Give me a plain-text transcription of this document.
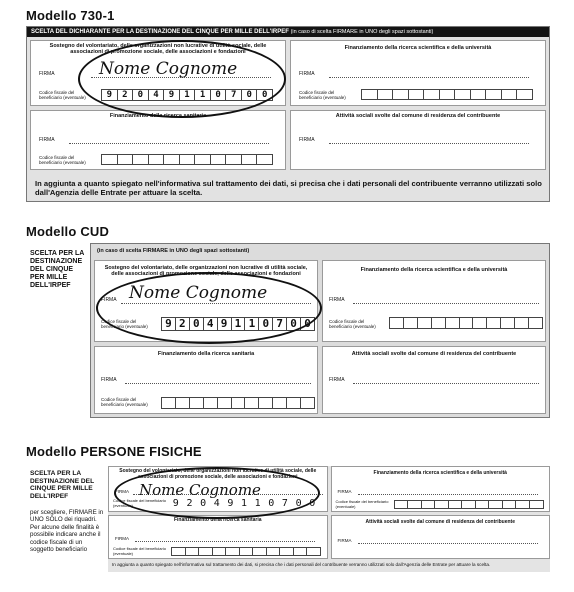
Modello 730-1
SCELTA DEL DICHIARANTE PER LA DESTINAZIONE DEL CINQUE PER MILLE DELL'IRPEF (in caso di scelta FIRMARE in UNO degli spazi sottostanti)
Sostegno del volontariato, delle organizzazioni non lucrative di utilità sociale, delle associazioni di promozione sociale, delle associazioni e fondazioni
FIRMA
Codice fiscale del beneficiario (eventuale)	9	2	0	4	9	1	1	0	7	0	0
Nome Cognome
Finanziamento della ricerca scientifica e della università
FIRMA
Codice fiscale del beneficiario (eventuale)
Finanziamento della ricerca sanitaria
FIRMA
Codice fiscale del beneficiario (eventuale)
Attività sociali svolte dal comune di residenza del contribuente
FIRMA
In aggiunta a quanto spiegato nell'informativa sul trattamento dei dati, si precisa che i dati personali del contribuente verranno utilizzati solo dall'Agenzia delle Entrate per attuare la scelta.
Modello CUD
SCELTA PER LA DESTINAZIONE DEL CINQUE PER MILLE DELL'IRPEF
(in caso di scelta FIRMARE in UNO degli spazi sottostanti)
Sostegno del volontariato, delle organizzazioni non lucrative di utilità sociale, delle associazioni di promozione sociale, delle associazioni e fondazioni
FIRMA
Codice fiscale del beneficiario (eventuale)	9 2 0 4 9 1 1 0 7 0 0
Nome Cognome
Finanziamento della ricerca scientifica e della università
FIRMA
Codice fiscale del beneficiario (eventuale)
Finanziamento della ricerca sanitaria
FIRMA
Codice fiscale del beneficiario (eventuale)
Attività sociali svolte dal comune di residenza del contribuente
FIRMA
Modello PERSONE FISICHE
SCELTA PER LA DESTINAZIONE DEL CINQUE PER MILLE DELL'IRPEF
per scegliere, FIRMARE in UNO SOLO dei riquadri. Per alcune delle finalità è possibile indicare anche il codice fiscale di un soggetto beneficiario
Sostegno del volontariato, delle organizzazioni non lucrative di utilità sociale, delle associazioni di promozione sociale, delle associazioni e fondazioni
FIRMA
Codice fiscale del beneficiario (eventuale)	9 2 0 4 9 1 1 0 7 0 0
Nome Cognome
Finanziamento della ricerca scientifica e della università
FIRMA
Codice fiscale del beneficiario (eventuale)
Finanziamento della ricerca sanitaria
FIRMA
Codice fiscale del beneficiario (eventuale)
Attività sociali svolte dal comune di residenza del contribuente
FIRMA
In aggiunta a quanto spiegato nell'informativa sul trattamento dei dati, si precisa che i dati personali del contribuente verranno utilizzati solo dall'Agenzia delle Entrate per attuare la scelta.
